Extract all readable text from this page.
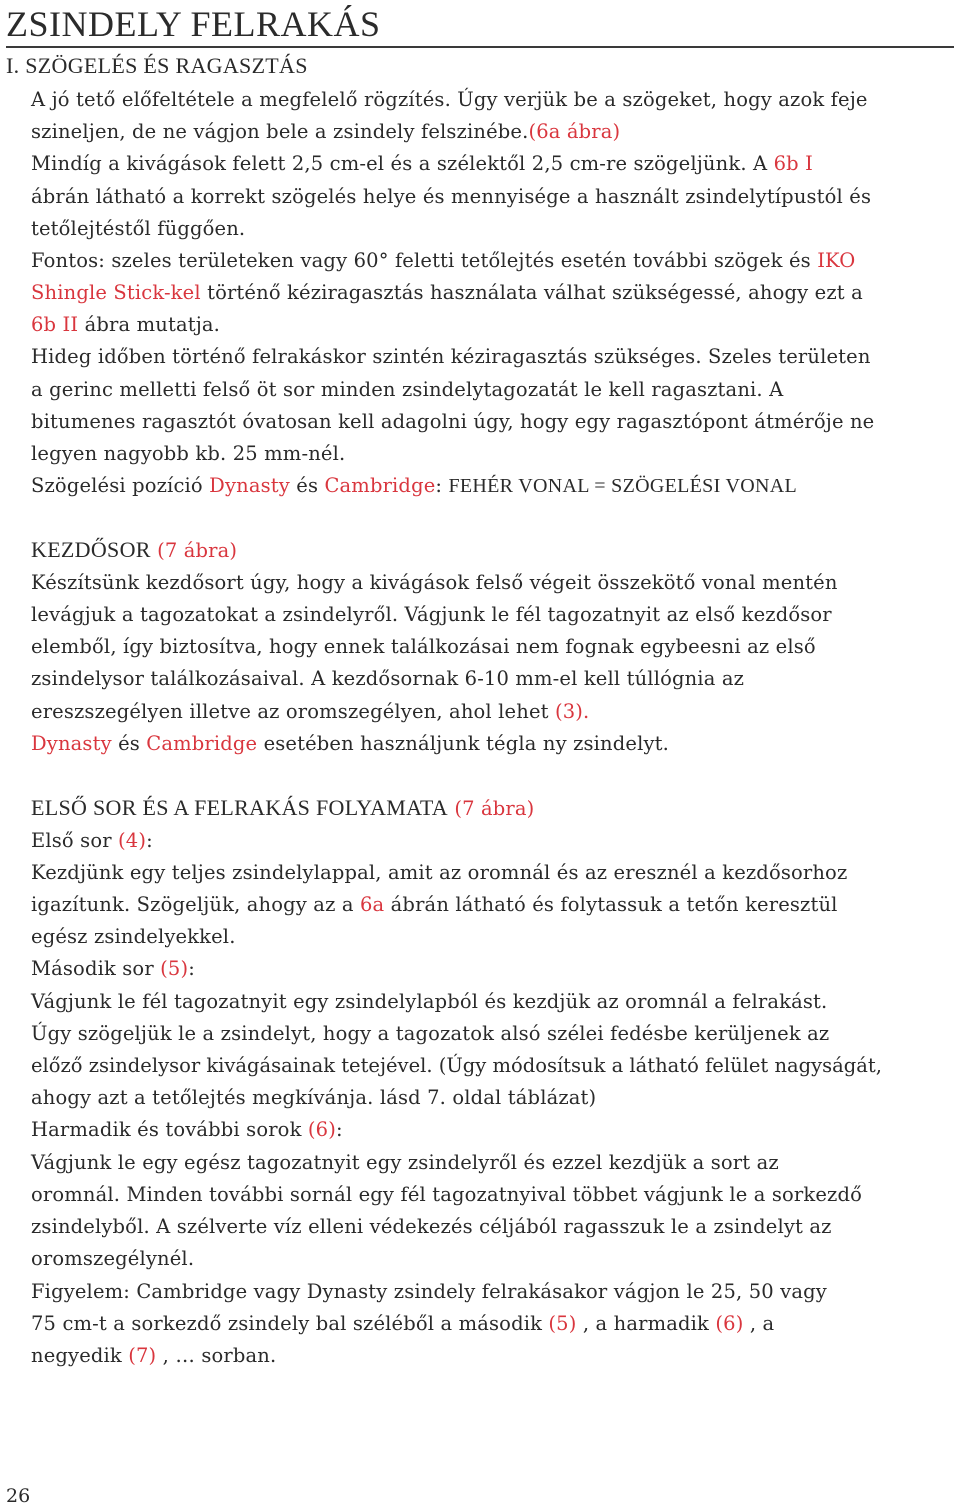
ZSINDELY FELRAKÁS
I. SZÖGELÉS ÉS RAGASZTÁS
A jó tető előfeltétele a megfelelő rögzítés. Úgy verjük be a szögeket, hogy azok feje
szineljen, de ne vágjon bele a zsindely felszinébe.(6a ábra)
Mindíg a kivágások felett 2,5 cm-el és a szélektől 2,5 cm-re szögeljünk. A 6b I
ábrán látható a korrekt szögelés helye és mennyisége a használt zsindelytípustól és
tetőlejtéstől függően.
Fontos: szeles területeken vagy 60° feletti tetőlejtés esetén további szögek és IKO
Shingle Stick-kel történő kéziragasztás használata válhat szükségessé, ahogy ezt a
6b II ábra mutatja.
Hideg időben történő felrakáskor szintén kéziragasztás szükséges. Szeles területen
a gerinc melletti felső öt sor minden zsindelytagozatát le kell ragasztani. A
bitumenes ragasztót óvatosan kell adagolni úgy, hogy egy ragasztópont átmérője ne
legyen nagyobb kb. 25 mm-nél.
Szögelési pozíció Dynasty és Cambridge: FEHÉR VONAL = SZÖGELÉSI VONAL
KEZDŐSOR (7 ábra)
Készítsünk kezdősort úgy, hogy a kivágások felső végeit összekötő vonal mentén
levágjuk a tagozatokat a zsindelyről. Vágjunk le fél tagozatnyit az első kezdősor
elemből, így biztosítva, hogy ennek találkozásai nem fognak egybeesni az első
zsindelysor találkozásaival. A kezdősornak 6-10 mm-el kell túllógnia az
ereszszegélyen illetve az oromszegélyen, ahol lehet (3).
Dynasty és Cambridge esetében használjunk tégla ny zsindelyt.
ELSŐ SOR ÉS A FELRAKÁS FOLYAMATA (7 ábra)
Első sor (4):
Kezdjünk egy teljes zsindelylappal, amit az oromnál és az eresznél a kezdősorhoz
igazítunk. Szögeljük, ahogy az a 6a ábrán látható és folytassuk a tetőn keresztül
egész zsindelyekkel.
Második sor (5):
Vágjunk le fél tagozatnyit egy zsindelylapból és kezdjük az oromnál a felrakást.
Úgy szögeljük le a zsindelyt, hogy a tagozatok alsó szélei fedésbe kerüljenek az
előző zsindelysor kivágásainak tetejével. (Úgy módosítsuk a látható felület nagyságát,
ahogy azt a tetőlejtés megkívánja. lásd 7. oldal táblázat)
Harmadik és további sorok (6):
Vágjunk le egy egész tagozatnyit egy zsindelyről és ezzel kezdjük a sort az
oromnál. Minden további sornál egy fél tagozatnyival többet vágjunk le a sorkezdő
zsindelyből. A szélverte víz elleni védekezés céljából ragasszuk le a zsindelyt az
oromszegélynél.
Figyelem: Cambridge vagy Dynasty zsindely felrakásakor vágjon le 25, 50 vagy
75 cm-t a sorkezdő zsindely bal széléből a második (5) , a harmadik (6) , a
negyedik (7) , … sorban.
26
